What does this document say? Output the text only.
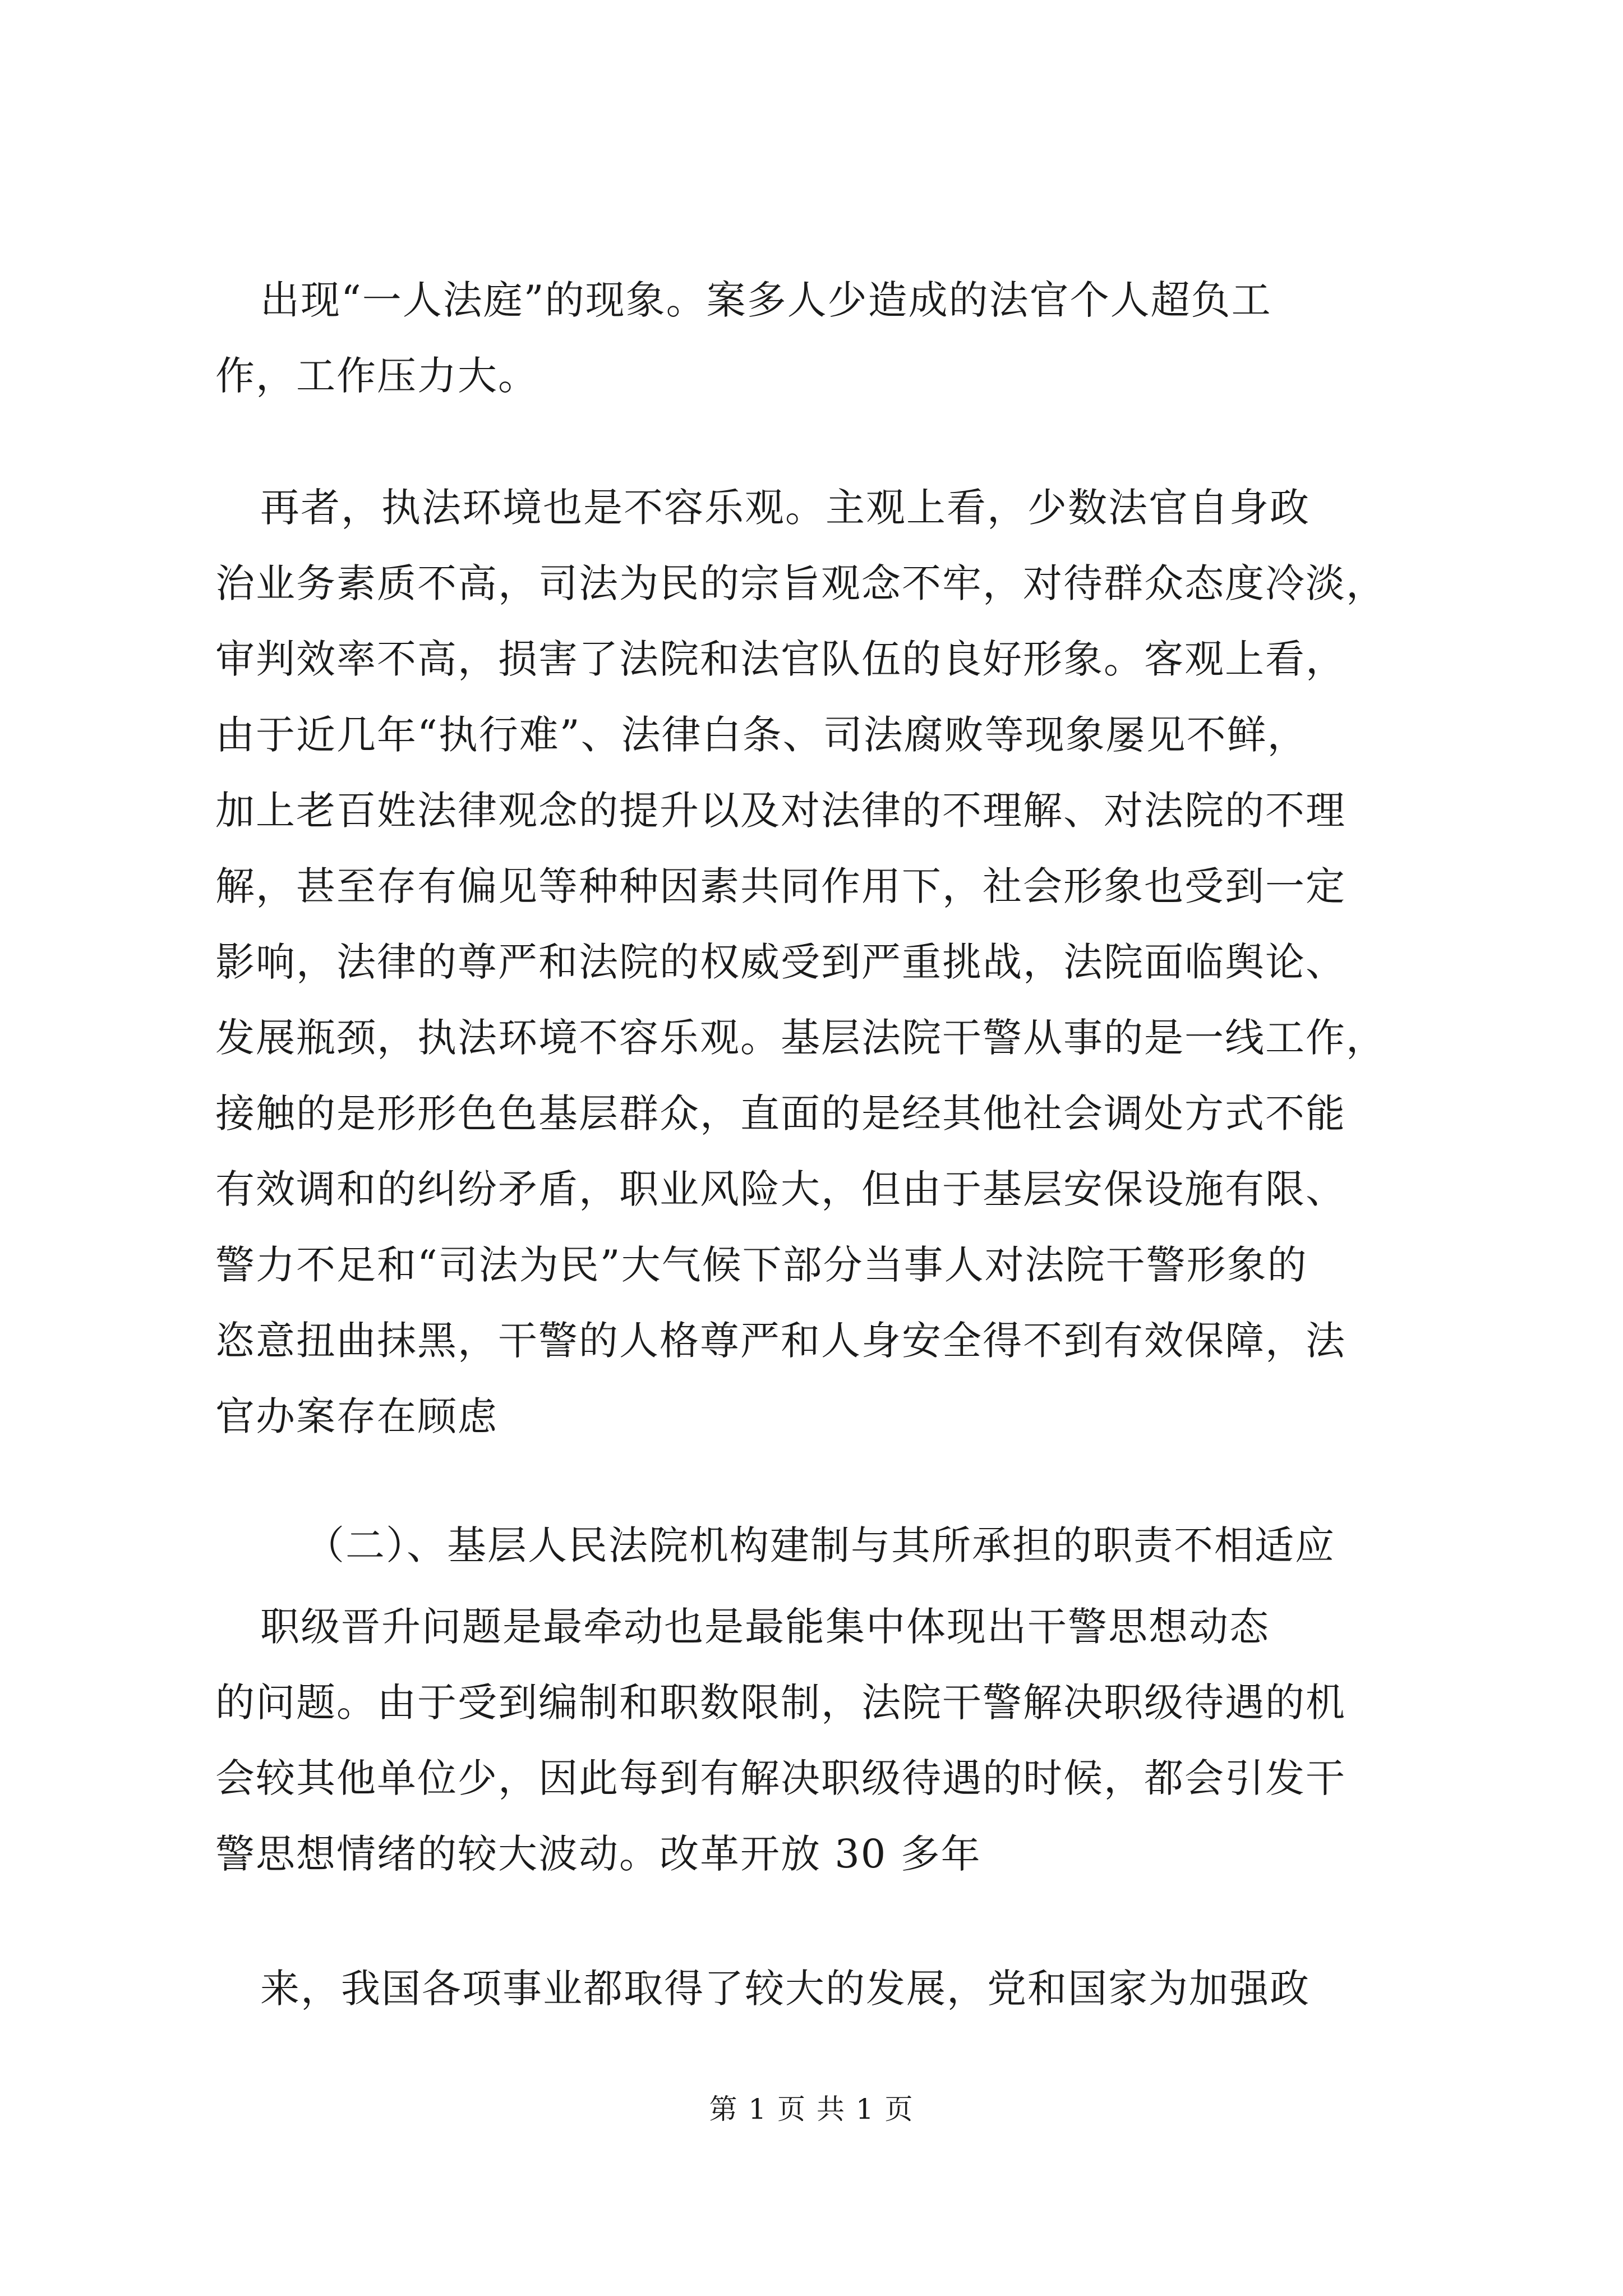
出现“一人法庭”的现象。案多人少造成的法官个人超负工
作，工作压力大。
再者，执法环境也是不容乐观。主观上看，少数法官自身政
治业务素质不高，司法为民的宗旨观念不牢，对待群众态度冷淡，
审判效率不高，损害了法院和法官队伍的良好形象。客观上看，
由于近几年“执行难”、法律白条、司法腐败等现象屡见不鲜，
加上老百姓法律观念的提升以及对法律的不理解、对法院的不理
解，甚至存有偏见等种种因素共同作用下，社会形象也受到一定
影响，法律的尊严和法院的权威受到严重挑战，法院面临舆论、
发展瓶颈，执法环境不容乐观。基层法院干警从事的是一线工作，
接触的是形形色色基层群众，直面的是经其他社会调处方式不能
有效调和的纠纷矛盾，职业风险大，但由于基层安保设施有限、
警力不足和“司法为民”大气候下部分当事人对法院干警形象的
恣意扭曲抹黑，干警的人格尊严和人身安全得不到有效保障，法
官办案存在顾虑
（二）、基层人民法院机构建制与其所承担的职责不相适应
职级晋升问题是最牵动也是最能集中体现出干警思想动态
的问题。由于受到编制和职数限制，法院干警解决职级待遇的机
会较其他单位少，因此每到有解决职级待遇的时候，都会引发干
警思想情绪的较大波动。改革开放 30 多年
来，我国各项事业都取得了较大的发展，党和国家为加强政
第 1 页 共 1 页
